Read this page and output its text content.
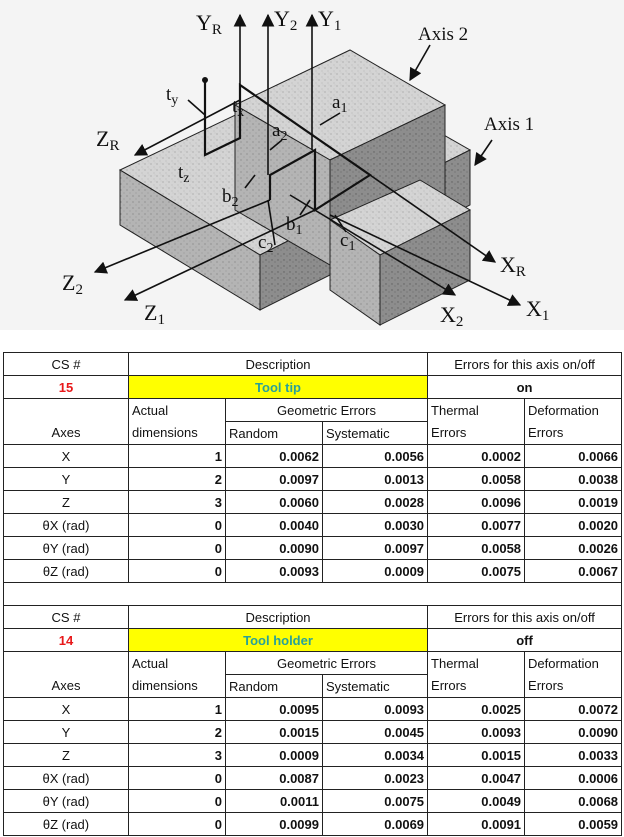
YR Y2 Y1
ZR
Z2
Z1
XR
X2
X1
Axis 2
Axis 1
$t_y$	$t_x$
$t_z$
$a_1$
$a_2$
$b_2$
$b_1$
$c_2$	$c_1$
CS #	Description			Errors for this axis on/off	
15	Tool tip			on	
	Actual	Geometric Errors		Thermal	Deformation
Axes	dimensions	Random	Systematic	Errors	Errors
X	1	0.0062	0.0056	0.0002	0.0066
Y	2	0.0097	0.0013	0.0058	0.0038
Z	3	0.0060	0.0028	0.0096	0.0019
θX (rad)	0	0.0040	0.0030	0.0077	0.0020
θY (rad)	0	0.0090	0.0097	0.0058	0.0026
θZ (rad)	0	0.0093	0.0009	0.0075	0.0067

CS #	Description			Errors for this axis on/off	
14	Tool holder			off	
	Actual	Geometric Errors		Thermal	Deformation
Axes	dimensions	Random	Systematic	Errors	Errors
X	1	0.0095	0.0093	0.0025	0.0072
Y	2	0.0015	0.0045	0.0093	0.0090
Z	3	0.0009	0.0034	0.0015	0.0033
θX (rad)	0	0.0087	0.0023	0.0047	0.0006
θY (rad)	0	0.0011	0.0075	0.0049	0.0068
θZ (rad)	0	0.0099	0.0069	0.0091	0.0059
